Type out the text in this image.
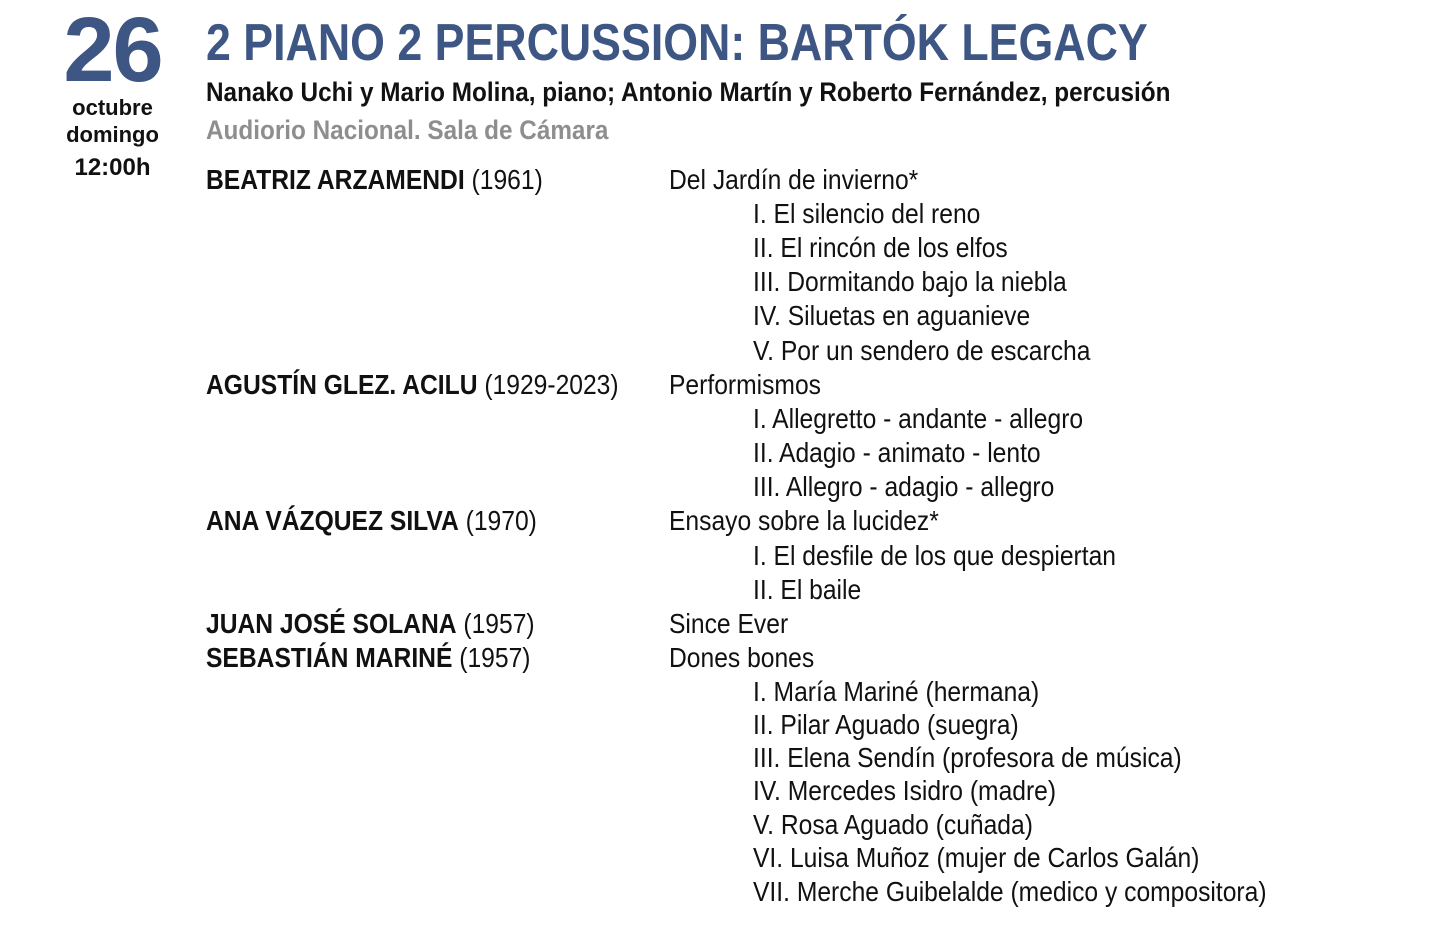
26
octubre
domingo
12:00h
2 PIANO 2 PERCUSSION: BARTÓK LEGACY
Nanako Uchi y Mario Molina, piano; Antonio Martín y Roberto Fernández, percusión
Audiorio Nacional. Sala de Cámara
BEATRIZ ARZAMENDI (1961)	Del Jardín de invierno*
I. El silencio del reno
II. El rincón de los elfos
III. Dormitando bajo la niebla
IV. Siluetas en aguanieve
V. Por un sendero de escarcha
AGUSTÍN GLEZ. ACILU (1929-2023) Performismos
I. Allegretto - andante - allegro
II. Adagio - animato - lento
III. Allegro - adagio - allegro
ANA VÁZQUEZ SILVA (1970)	Ensayo sobre la lucidez*
I. El desfile de los que despiertan
II. El baile
JUAN JOSÉ SOLANA (1957)	Since Ever
SEBASTIÁN MARINÉ (1957)	Dones bones
I. María Mariné (hermana)
II. Pilar Aguado (suegra)
III. Elena Sendín (profesora de música)
IV. Mercedes Isidro (madre)
V. Rosa Aguado (cuñada)
VI. Luisa Muñoz (mujer de Carlos Galán)
VII. Merche Guibelalde (medico y compositora)
